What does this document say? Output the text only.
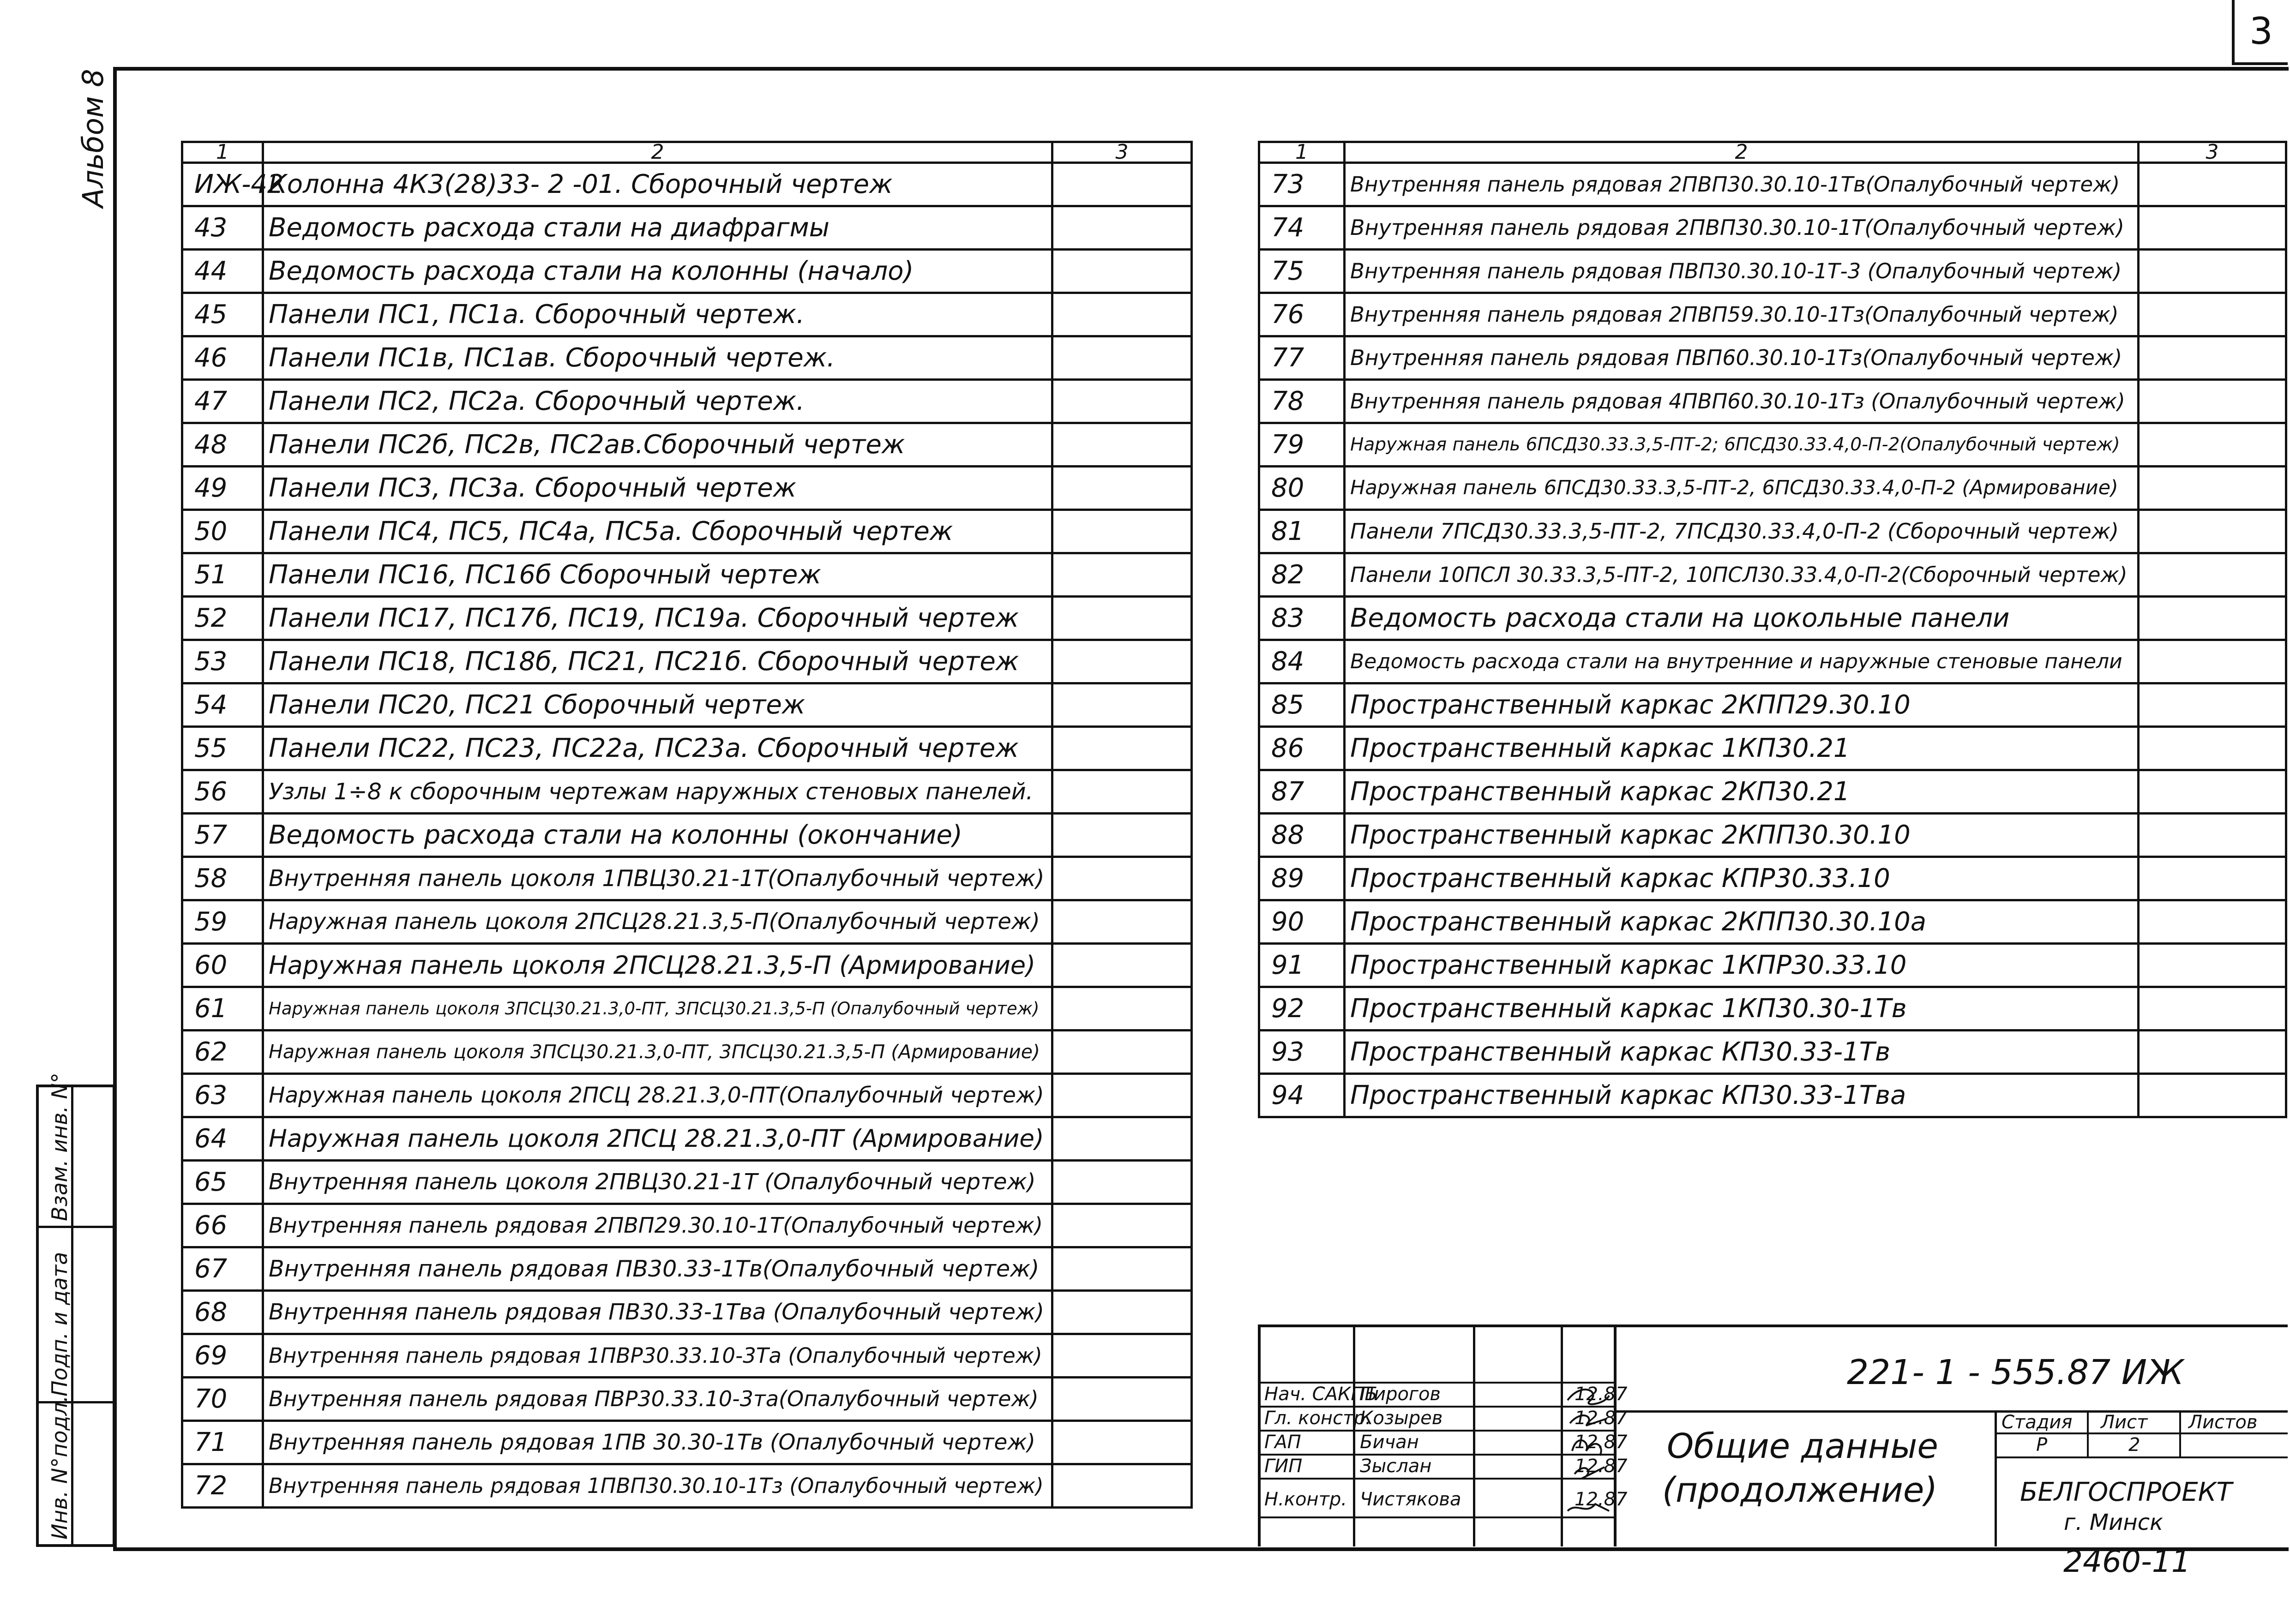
3
Альбом 8
Инв. N°подл.
Подп. и дата
Взам. инв. N°
1	2	3
ИЖ-42	Колонна 4К3(28)33- 2 -01. Сборочный чертеж	
43	Ведомость расхода стали на диафрагмы	
44	Ведомость расхода стали на колонны (начало)	
45	Панели ПС1, ПС1а. Сборочный чертеж.	
46	Панели ПС1в, ПС1ав. Сборочный чертеж.	
47	Панели ПС2, ПС2а. Сборочный чертеж.	
48	Панели ПС2б, ПС2в, ПС2ав.Сборочный чертеж	
49	Панели ПС3, ПС3а. Сборочный чертеж	
50	Панели ПС4, ПС5, ПС4а, ПС5а. Сборочный чертеж	
51	Панели ПС16, ПС16б Сборочный чертеж	
52	Панели ПС17, ПС17б, ПС19, ПС19а. Сборочный чертеж	
53	Панели ПС18, ПС18б, ПС21, ПС21б. Сборочный чертеж	
54	Панели ПС20, ПС21 Сборочный чертеж	
55	Панели ПС22, ПС23, ПС22а, ПС23а. Сборочный чертеж	
56	Узлы 1÷8 к сборочным чертежам наружных стеновых панелей.	
57	Ведомость расхода стали на колонны (окончание)	
58	Внутренняя панель цоколя 1ПВЦ30.21-1Т(Опалубочный чертеж)	
59	Наружная панель цоколя 2ПСЦ28.21.3,5-П(Опалубочный чертеж)	
60	Наружная панель цоколя 2ПСЦ28.21.3,5-П (Армирование)	
61	Наружная панель цоколя 3ПСЦ30.21.3,0-ПТ, 3ПСЦ30.21.3,5-П (Опалубочный чертеж)	
62	Наружная панель цоколя 3ПСЦ30.21.3,0-ПТ, 3ПСЦ30.21.3,5-П (Армирование)	
63	Наружная панель цоколя 2ПСЦ 28.21.3,0-ПТ(Опалубочный чертеж)	
64	Наружная панель цоколя 2ПСЦ 28.21.3,0-ПТ (Армирование)	
65	Внутренняя панель цоколя 2ПВЦ30.21-1Т (Опалубочный чертеж)	
66	Внутренняя панель рядовая 2ПВП29.30.10-1Т(Опалубочный чертеж)	
67	Внутренняя панель рядовая ПВ30.33-1Тв(Опалубочный чертеж)	
68	Внутренняя панель рядовая ПВ30.33-1Тва (Опалубочный чертеж)	
69	Внутренняя панель рядовая 1ПВР30.33.10-3Та (Опалубочный чертеж)	
70	Внутренняя панель рядовая ПВР30.33.10-3та(Опалубочный чертеж)	
71	Внутренняя панель рядовая 1ПВ 30.30-1Тв (Опалубочный чертеж)	
72	Внутренняя панель рядовая 1ПВП30.30.10-1Тз (Опалубочный чертеж)	
1	2	3
73	Внутренняя панель рядовая 2ПВП30.30.10-1Тв(Опалубочный чертеж)	
74	Внутренняя панель рядовая 2ПВП30.30.10-1Т(Опалубочный чертеж)	
75	Внутренняя панель рядовая ПВП30.30.10-1Т-3 (Опалубочный чертеж)	
76	Внутренняя панель рядовая 2ПВП59.30.10-1Тз(Опалубочный чертеж)	
77	Внутренняя панель рядовая ПВП60.30.10-1Тз(Опалубочный чертеж)	
78	Внутренняя панель рядовая 4ПВП60.30.10-1Тз (Опалубочный чертеж)	
79	Наружная панель 6ПСД30.33.3,5-ПТ-2; 6ПСД30.33.4,0-П-2(Опалубочный чертеж)	
80	Наружная панель 6ПСД30.33.3,5-ПТ-2, 6ПСД30.33.4,0-П-2 (Армирование)	
81	Панели 7ПСД30.33.3,5-ПТ-2, 7ПСД30.33.4,0-П-2 (Сборочный чертеж)	
82	Панели 10ПСЛ 30.33.3,5-ПТ-2, 10ПСЛ30.33.4,0-П-2(Сборочный чертеж)	
83	Ведомость расхода стали на цокольные панели	
84	Ведомость расхода стали на внутренние и наружные стеновые панели	
85	Пространственный каркас 2КПП29.30.10	
86	Пространственный каркас 1КП30.21	
87	Пространственный каркас 2КП30.21	
88	Пространственный каркас 2КПП30.30.10	
89	Пространственный каркас КПР30.33.10	
90	Пространственный каркас 2КПП30.30.10а	
91	Пространственный каркас 1КПР30.33.10	
92	Пространственный каркас 1КП30.30-1Тв	
93	Пространственный каркас КП30.33-1Тв	
94	Пространственный каркас КП30.33-1Тва	
221- 1 - 555.87 ИЖ
Общие данные
(продолжение)
Стадия Лист Листов
Р	2
БЕЛГОСПРОЕКТ
г. Минск
Нач. САКПБ
Пирогов	12.87
Гл. констр.
Козырев	12.87
ГАП	Бичан	12.87
ГИП	Зыслан	12.87
Н.контр. Чистякова	12.87
2460-11
